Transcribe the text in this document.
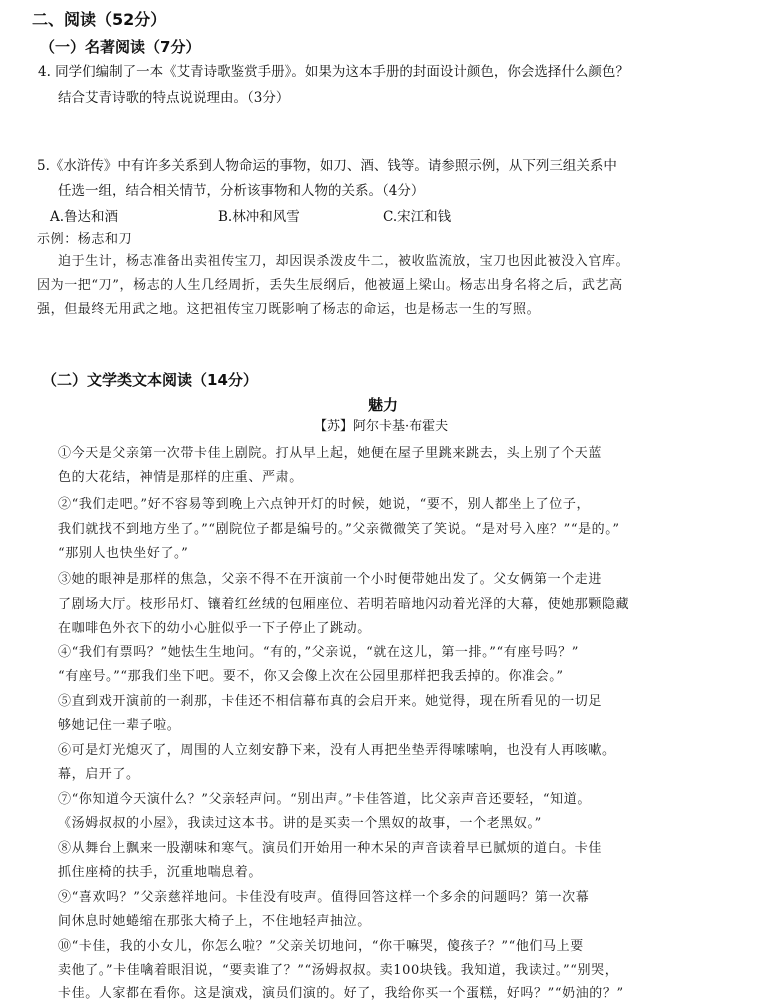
二、阅读（52分）
（一）名著阅读（7分）
4. 同学们编制了一本《艾青诗歌鉴赏手册》。如果为这本手册的封面设计颜色，你会选择什么颜色？
结合艾青诗歌的特点说说理由。（3分）
5.《水浒传》中有许多关系到人物命运的事物，如刀、酒、钱等。请参照示例，从下列三组关系中
任选一组，结合相关情节，分析该事物和人物的关系。（4分）
A.鲁达和酒	B.林冲和风雪	C.宋江和钱
示例：杨志和刀
迫于生计，杨志准备出卖祖传宝刀，却因误杀泼皮牛二，被收监流放，宝刀也因此被没入官库。
因为一把“刀”，杨志的人生几经周折，丢失生辰纲后，他被逼上梁山。杨志出身名将之后，武艺高
强，但最终无用武之地。这把祖传宝刀既影响了杨志的命运，也是杨志一生的写照。
（二）文学类文本阅读（14分）
魅力
【苏】阿尔卡基·布霍夫
①今天是父亲第一次带卡佳上剧院。打从早上起，她便在屋子里跳来跳去，头上别了个天蓝
色的大花结，神情是那样的庄重、严肃。
②“我们走吧。”好不容易等到晚上六点钟开灯的时候，她说，“要不，别人都坐上了位子，
我们就找不到地方坐了。”“剧院位子都是编号的。”父亲微微笑了笑说。“是对号入座？”“是的。”
“那别人也快坐好了。”
③她的眼神是那样的焦急，父亲不得不在开演前一个小时便带她出发了。父女俩第一个走进
了剧场大厅。枝形吊灯、镶着红丝绒的包厢座位、若明若暗地闪动着光泽的大幕，使她那颗隐藏
在咖啡色外衣下的幼小心脏似乎一下子停止了跳动。
④“我们有票吗？”她怯生生地问。“有的，”父亲说，“就在这儿，第一排。”“有座号吗？”
“有座号。”“那我们坐下吧。要不，你又会像上次在公园里那样把我丢掉的。你准会。”
⑤直到戏开演前的一刹那，卡佳还不相信幕布真的会启开来。她觉得，现在所看见的一切足
够她记住一辈子啦。
⑥可是灯光熄灭了，周围的人立刻安静下来，没有人再把坐垫弄得嗦嗦响，也没有人再咳嗽。
幕，启开了。
⑦“你知道今天演什么？”父亲轻声问。“别出声。”卡佳答道，比父亲声音还要轻，“知道。
《汤姆叔叔的小屋》，我读过这本书。讲的是买卖一个黑奴的故事，一个老黑奴。”
⑧从舞台上飘来一股潮味和寒气。演员们开始用一种木呆的声音读着早已腻烦的道白。卡佳
抓住座椅的扶手，沉重地喘息着。
⑨“喜欢吗？”父亲慈祥地问。卡佳没有吱声。值得回答这样一个多余的问题吗？第一次幕
间休息时她蜷缩在那张大椅子上，不住地轻声抽泣。
⑩“卡佳，我的小女儿，你怎么啦？”父亲关切地问，“你干嘛哭，傻孩子？”“他们马上要
卖他了。”卡佳噙着眼泪说，“要卖谁了？”“汤姆叔叔。卖100块钱。我知道，我读过。”“别哭，
卡佳。人家都在看你。这是演戏，演员们演的。好了，我给你买一个蛋糕，好吗？”“奶油的？”
